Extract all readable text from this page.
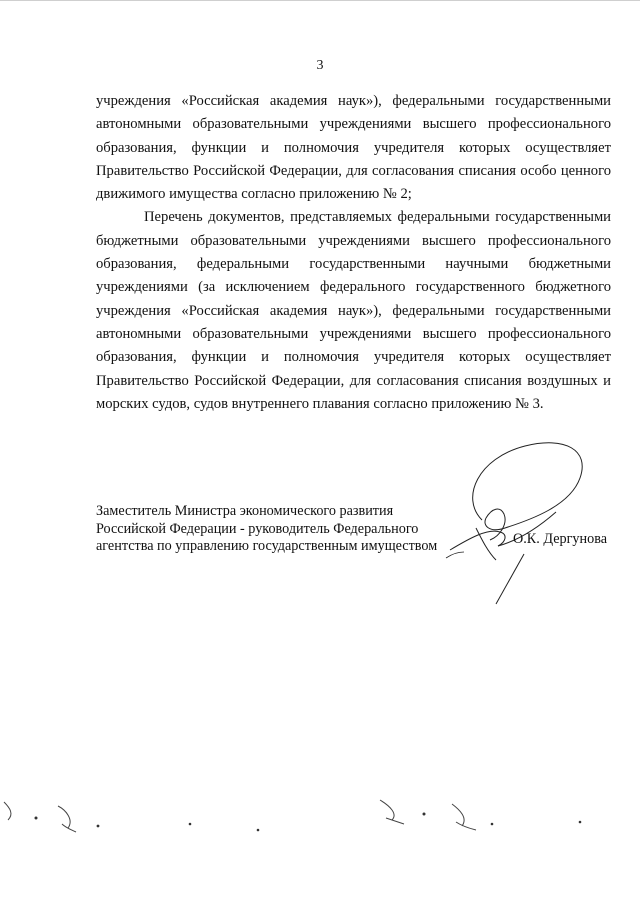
3

учреждения «Российская академия наук»), федеральными государственными автономными образовательными учреждениями высшего профессионального образования, функции и полномочия учредителя которых осуществляет Правительство Российской Федерации, для согласования списания особо ценного движимого имущества согласно приложению № 2;

Перечень документов, представляемых федеральными государственными бюджетными образовательными учреждениями высшего профессионального образования, федеральными государственными научными бюджетными учреждениями (за исключением федерального государственного бюджетного учреждения «Российская академия наук»), федеральными государственными автономными образовательными учреждениями высшего профессионального образования, функции и полномочия учредителя которых осуществляет Правительство Российской Федерации, для согласования списания воздушных и морских судов, судов внутреннего плавания согласно приложению № 3.

Заместитель Министра экономического развития
Российской Федерации - руководитель Федерального
агентства по управлению государственным имуществом	О.К. Дергунова
